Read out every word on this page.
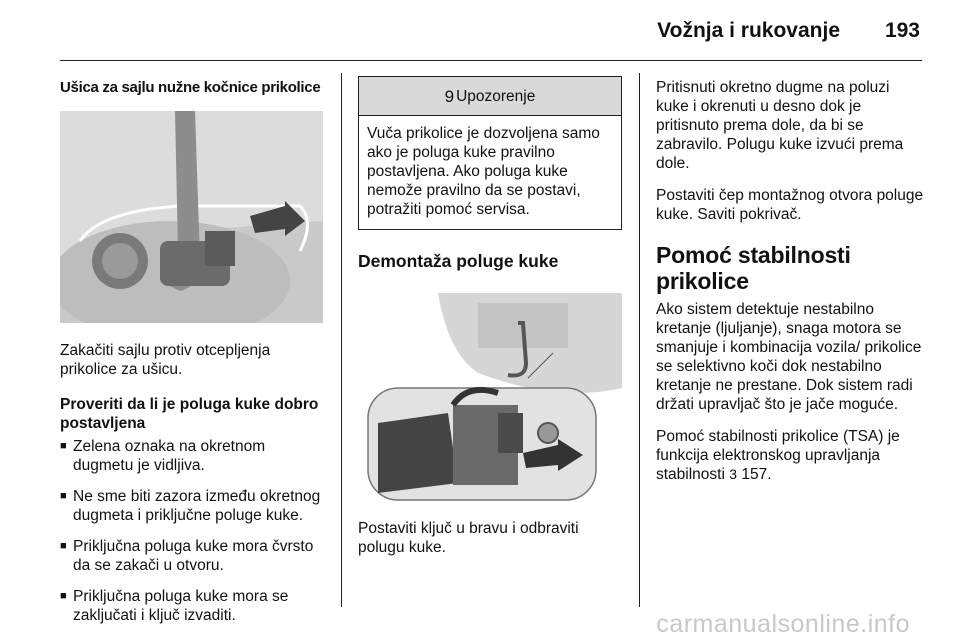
Vožnja i rukovanje 193

Ušica za sajlu nužne kočnice prikolice

Zakačiti sajlu protiv otcepljenja prikolice za ušicu.

Proveriti da li je poluga kuke dobro postavljena

■ Zelena oznaka na okretnom dugmetu je vidljiva.
■ Ne sme biti zazora između okretnog dugmeta i priključne poluge kuke.
■ Priključna poluga kuke mora čvrsto da se zakači u otvoru.
■ Priključna poluga kuke mora se zaključati i ključ izvaditi.
9 Upozorenje
Vuča prikolice je dozvoljena samo ako je poluga kuke pravilno postavljena. Ako poluga kuke nemože pravilno da se postavi, potražiti pomoć servisa.
Demontaža poluge kuke

Postaviti ključ u bravu i odbraviti polugu kuke.

Pritisnuti okretno dugme na poluzi kuke i okrenuti u desno dok je pritisnuto prema dole, da bi se zabravilo. Polugu kuke izvući prema dole.

Postaviti čep montažnog otvora poluge kuke. Saviti pokrivač.

Pomoć stabilnosti prikolice

Ako sistem detektuje nestabilno kretanje (ljuljanje), snaga motora se smanjuje i kombinacija vozila/ prikolice se selektivno koči dok nestabilno kretanje ne prestane. Dok sistem radi držati upravljač što je jače moguće.

Pomoć stabilnosti prikolice (TSA) je funkcija elektronskog upravljanja stabilnosti 3 157.

carmanualsonline.info
